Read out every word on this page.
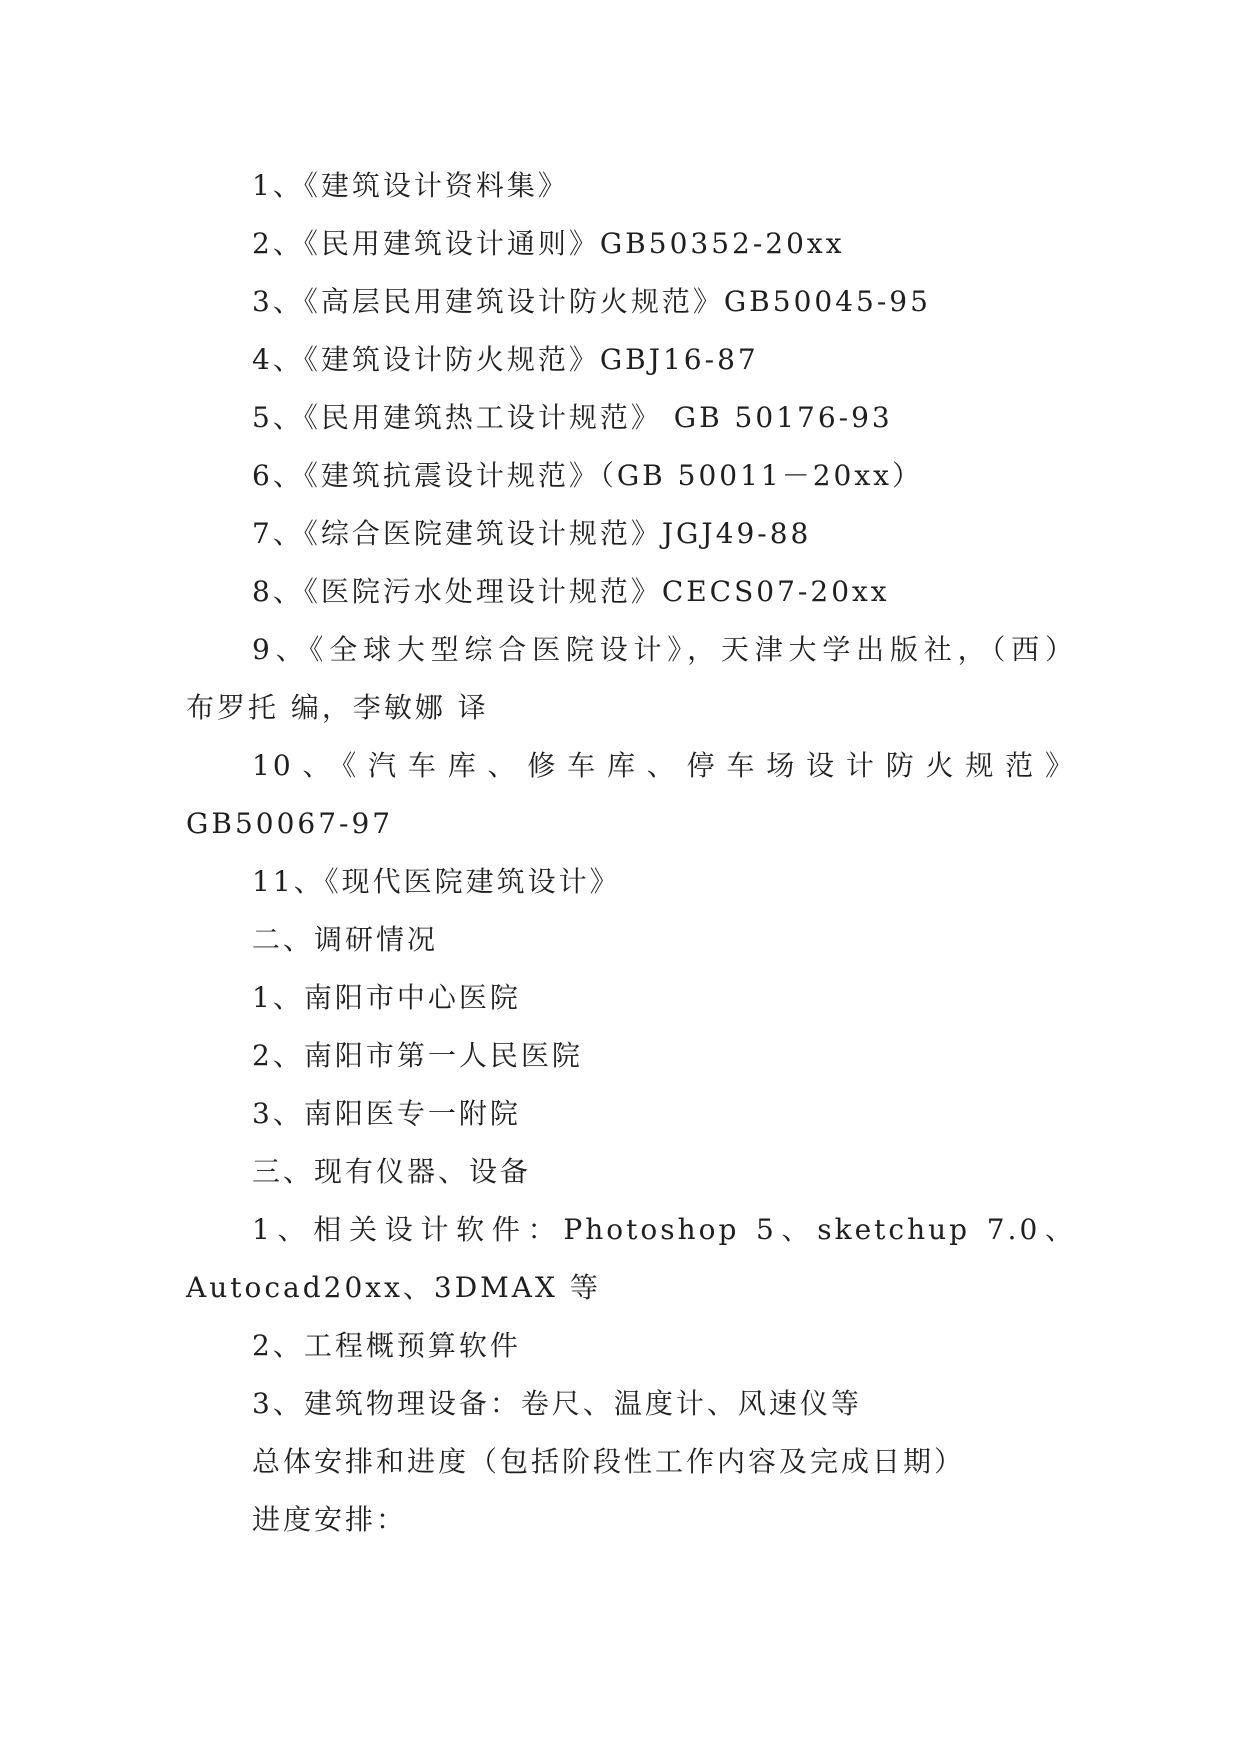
1、《建筑设计资料集》
2、《民用建筑设计通则》GB50352-20xx
3、《高层民用建筑设计防火规范》GB50045-95
4、《建筑设计防火规范》GBJ16-87
5、《民用建筑热工设计规范》 GB 50176-93
6、《建筑抗震设计规范》（GB 50011－20xx）
7、《综合医院建筑设计规范》JGJ49-88
8、《医院污水处理设计规范》CECS07-20xx
9、《全球大型综合医院设计》，天津大学出版社，（西）
布罗托 编，李敏娜 译
10、《汽车库、修车库、停车场设计防火规范》
GB50067-97
11、《现代医院建筑设计》
二、调研情况
1、南阳市中心医院
2、南阳市第一人民医院
3、南阳医专一附院
三、现有仪器、设备
1、相关设计软件：Photoshop 5、sketchup 7.0、
Autocad20xx、3DMAX 等
2、工程概预算软件
3、建筑物理设备：卷尺、温度计、风速仪等
总体安排和进度（包括阶段性工作内容及完成日期）
进度安排：
